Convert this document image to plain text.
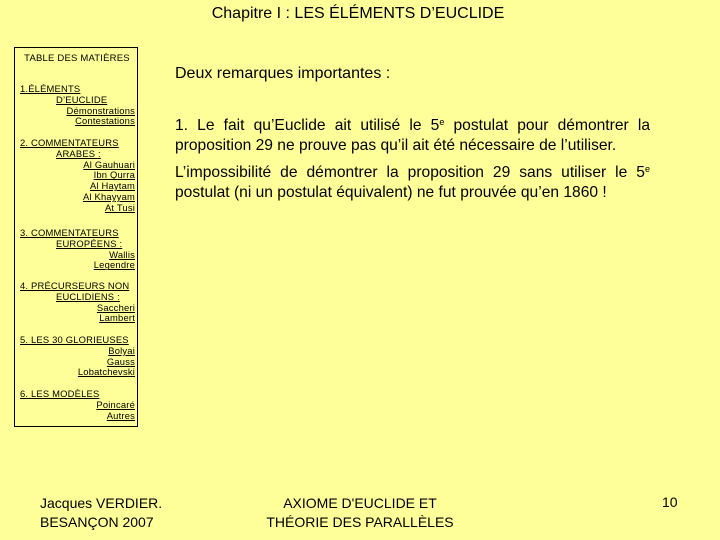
Chapitre I : LES ÉLÉMENTS D’EUCLIDE
TABLE DES MATIÈRES
1.ÉLÉMENTS
D’EUCLIDE
Démonstrations
Contestations
2. COMMENTATEURS
ARABES :
Al Gauhuari
Ibn Qurra
Al Haytam
Al Khayyam
At Tusi
3. COMMENTATEURS
EUROPÉENS :
Wallis
Legendre
4. PRÉCURSEURS NON
EUCLIDIENS :
Saccheri
Lambert
5. LES 30 GLORIEUSES
Bolyai
Gauss
Lobatchevski
6. LES MODÈLES
Poincaré
Autres
Deux remarques importantes :
1. Le fait qu’Euclide ait utilisé le 5e postulat pour démontrer la proposition 29 ne prouve pas qu’il ait été nécessaire de l’utiliser.
L’impossibilité de démontrer la proposition 29 sans utiliser le 5e postulat (ni un postulat équivalent) ne fut prouvée qu’en 1860 !
Jacques VERDIER.
BESANÇON 2007
AXIOME D'EUCLIDE ET
THÉORIE DES PARALLÈLES
10
